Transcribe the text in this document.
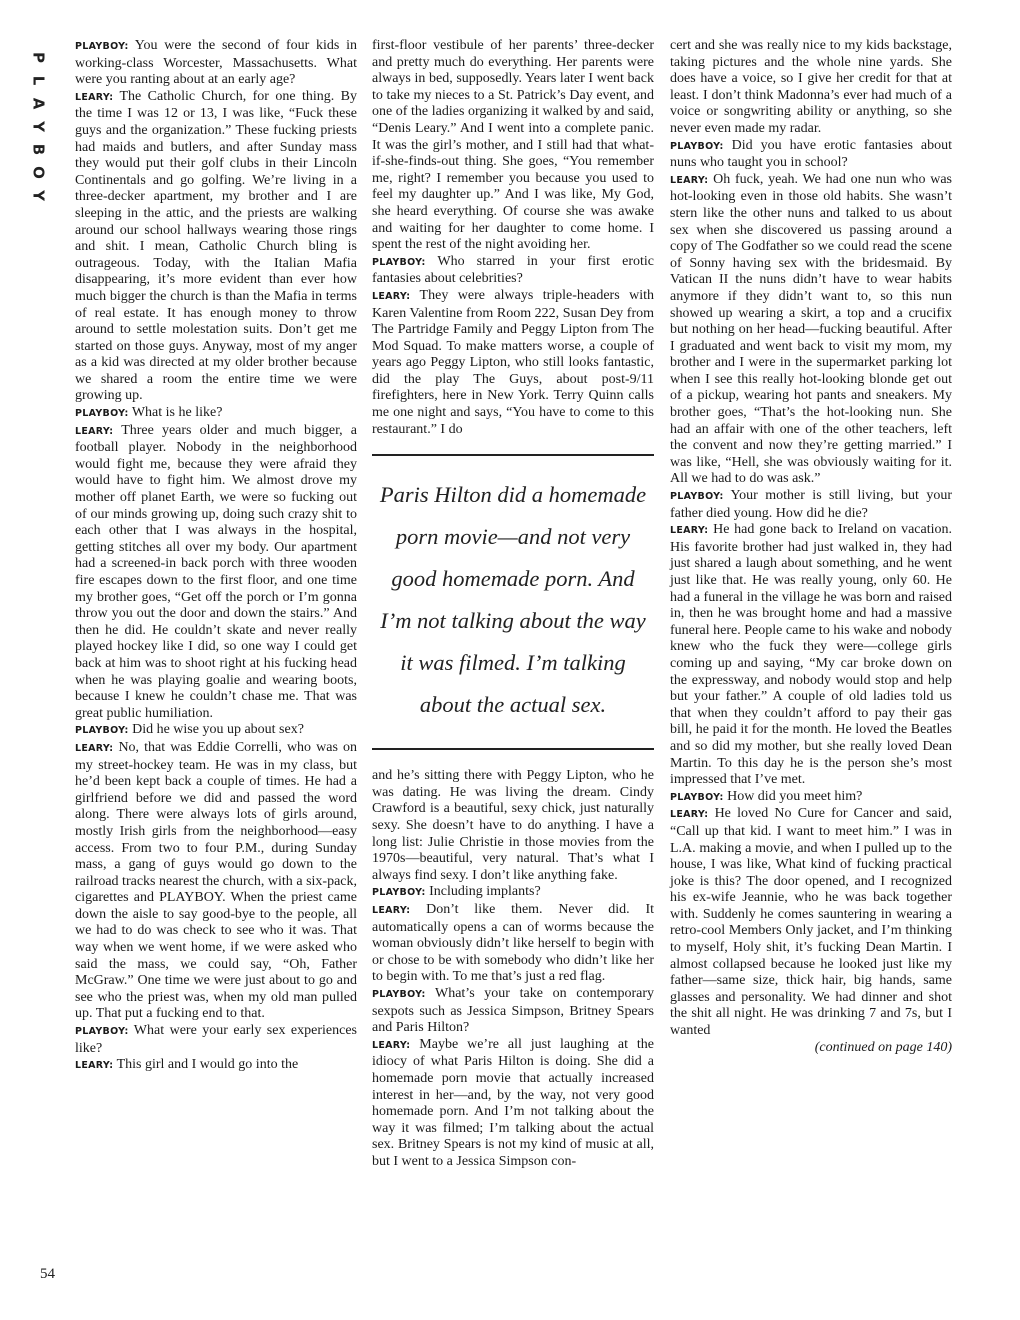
P
L
A
Y
B
O
Y
54

PLAYBOY: You were the second of four kids in working-class Worcester, Massachusetts. What were you ranting about at an early age?

LEARY: The Catholic Church, for one thing. By the time I was 12 or 13, I was like, “Fuck these guys and the organization.” These fucking priests had maids and butlers, and after Sunday mass they would put their golf clubs in their Lincoln Continentals and go golfing. We’re living in a three-decker apartment, my brother and I are sleeping in the attic, and the priests are walking around our school hallways wearing those rings and shit. I mean, Catholic Church bling is outrageous. Today, with the Italian Mafia disappearing, it’s more evident than ever how much bigger the church is than the Mafia in terms of real estate. It has enough money to throw around to settle molestation suits. Don’t get me started on those guys. Anyway, most of my anger as a kid was directed at my older brother because we shared a room the entire time we were growing up.

PLAYBOY: What is he like?

LEARY: Three years older and much bigger, a football player. Nobody in the neighborhood would fight me, because they were afraid they would have to fight him. We almost drove my mother off planet Earth, we were so fucking out of our minds growing up, doing such crazy shit to each other that I was always in the hospital, getting stitches all over my body. Our apartment had a screened-in back porch with three wooden fire escapes down to the first floor, and one time my brother goes, “Get off the porch or I’m gonna throw you out the door and down the stairs.” And then he did. He couldn’t skate and never really played hockey like I did, so one way I could get back at him was to shoot right at his fucking head when he was playing goalie and wearing boots, because I knew he couldn’t chase me. That was great public humiliation.

PLAYBOY: Did he wise you up about sex?

LEARY: No, that was Eddie Correlli, who was on my street-hockey team. He was in my class, but he’d been kept back a couple of times. He had a girlfriend before we did and passed the word along. There were always lots of girls around, mostly Irish girls from the neighborhood—easy access. From two to four P.M., during Sunday mass, a gang of guys would go down to the railroad tracks nearest the church, with a six-pack, cigarettes and PLAYBOY. When the priest came down the aisle to say good-bye to the people, all we had to do was check to see who it was. That way when we went home, if we were asked who said the mass, we could say, “Oh, Father McGraw.” One time we were just about to go and see who the priest was, when my old man pulled up. That put a fucking end to that.

PLAYBOY: What were your early sex experiences like?

LEARY: This girl and I would go into the

first-floor vestibule of her parents’ three-decker and pretty much do everything. Her parents were always in bed, supposedly. Years later I went back to take my nieces to a St. Patrick’s Day event, and one of the ladies organizing it walked by and said, “Denis Leary.” And I went into a complete panic. It was the girl’s mother, and I still had that what-if-she-finds-out thing. She goes, “You remember me, right? I remember you because you used to feel my daughter up.” And I was like, My God, she heard everything. Of course she was awake and waiting for her daughter to come home. I spent the rest of the night avoiding her.

PLAYBOY: Who starred in your first erotic fantasies about celebrities?

LEARY: They were always triple-headers with Karen Valentine from Room 222, Susan Dey from The Partridge Family and Peggy Lipton from The Mod Squad. To make matters worse, a couple of years ago Peggy Lipton, who still looks fantastic, did the play The Guys, about post-9/11 firefighters, here in New York. Terry Quinn calls me one night and says, “You have to come to this restaurant.” I do

Paris Hilton did a homemade porn movie—and not very good homemade porn. And I’m not talking about the way it was filmed. I’m talking about the actual sex.

and he’s sitting there with Peggy Lipton, who he was dating. He was living the dream. Cindy Crawford is a beautiful, sexy chick, just naturally sexy. She doesn’t have to do anything. I have a long list: Julie Christie in those movies from the 1970s—beautiful, very natural. That’s what I always find sexy. I don’t like anything fake.

PLAYBOY: Including implants?

LEARY: Don’t like them. Never did. It automatically opens a can of worms because the woman obviously didn’t like herself to begin with or chose to be with somebody who didn’t like her to begin with. To me that’s just a red flag.

PLAYBOY: What’s your take on contemporary sexpots such as Jessica Simpson, Britney Spears and Paris Hilton?

LEARY: Maybe we’re all just laughing at the idiocy of what Paris Hilton is doing. She did a homemade porn movie that actually increased interest in her—and, by the way, not very good homemade porn. And I’m not talking about the way it was filmed; I’m talking about the actual sex. Britney Spears is not my kind of music at all, but I went to a Jessica Simpson con-

cert and she was really nice to my kids backstage, taking pictures and the whole nine yards. She does have a voice, so I give her credit for that at least. I don’t think Madonna’s ever had much of a voice or songwriting ability or anything, so she never even made my radar.

PLAYBOY: Did you have erotic fantasies about nuns who taught you in school?

LEARY: Oh fuck, yeah. We had one nun who was hot-looking even in those old habits. She wasn’t stern like the other nuns and talked to us about sex when she discovered us passing around a copy of The Godfather so we could read the scene of Sonny having sex with the bridesmaid. By Vatican II the nuns didn’t have to wear habits anymore if they didn’t want to, so this nun showed up wearing a skirt, a top and a crucifix but nothing on her head—fucking beautiful. After I graduated and went back to visit my mom, my brother and I were in the supermarket parking lot when I see this really hot-looking blonde get out of a pickup, wearing hot pants and sneakers. My brother goes, “That’s the hot-looking nun. She had an affair with one of the other teachers, left the convent and now they’re getting married.” I was like, “Hell, she was obviously waiting for it. All we had to do was ask.”

PLAYBOY: Your mother is still living, but your father died young. How did he die?

LEARY: He had gone back to Ireland on vacation. His favorite brother had just walked in, they had just shared a laugh about something, and he went just like that. He was really young, only 60. He had a funeral in the village he was born and raised in, then he was brought home and had a massive funeral here. People came to his wake and nobody knew who the fuck they were—college girls coming up and saying, “My car broke down on the expressway, and nobody would stop and help but your father.” A couple of old ladies told us that when they couldn’t afford to pay their gas bill, he paid it for the month. He loved the Beatles and so did my mother, but she really loved Dean Martin. To this day he is the person she’s most impressed that I’ve met.

PLAYBOY: How did you meet him?

LEARY: He loved No Cure for Cancer and said, “Call up that kid. I want to meet him.” I was in L.A. making a movie, and when I pulled up to the house, I was like, What kind of fucking practical joke is this? The door opened, and I recognized his ex-wife Jeannie, who he was back together with. Suddenly he comes sauntering in wearing a retro-cool Members Only jacket, and I’m thinking to myself, Holy shit, it’s fucking Dean Martin. I almost collapsed because he looked just like my father—same size, thick hair, big hands, same glasses and personality. We had dinner and shot the shit all night. He was drinking 7 and 7s, but I wanted

(continued on page 140)
